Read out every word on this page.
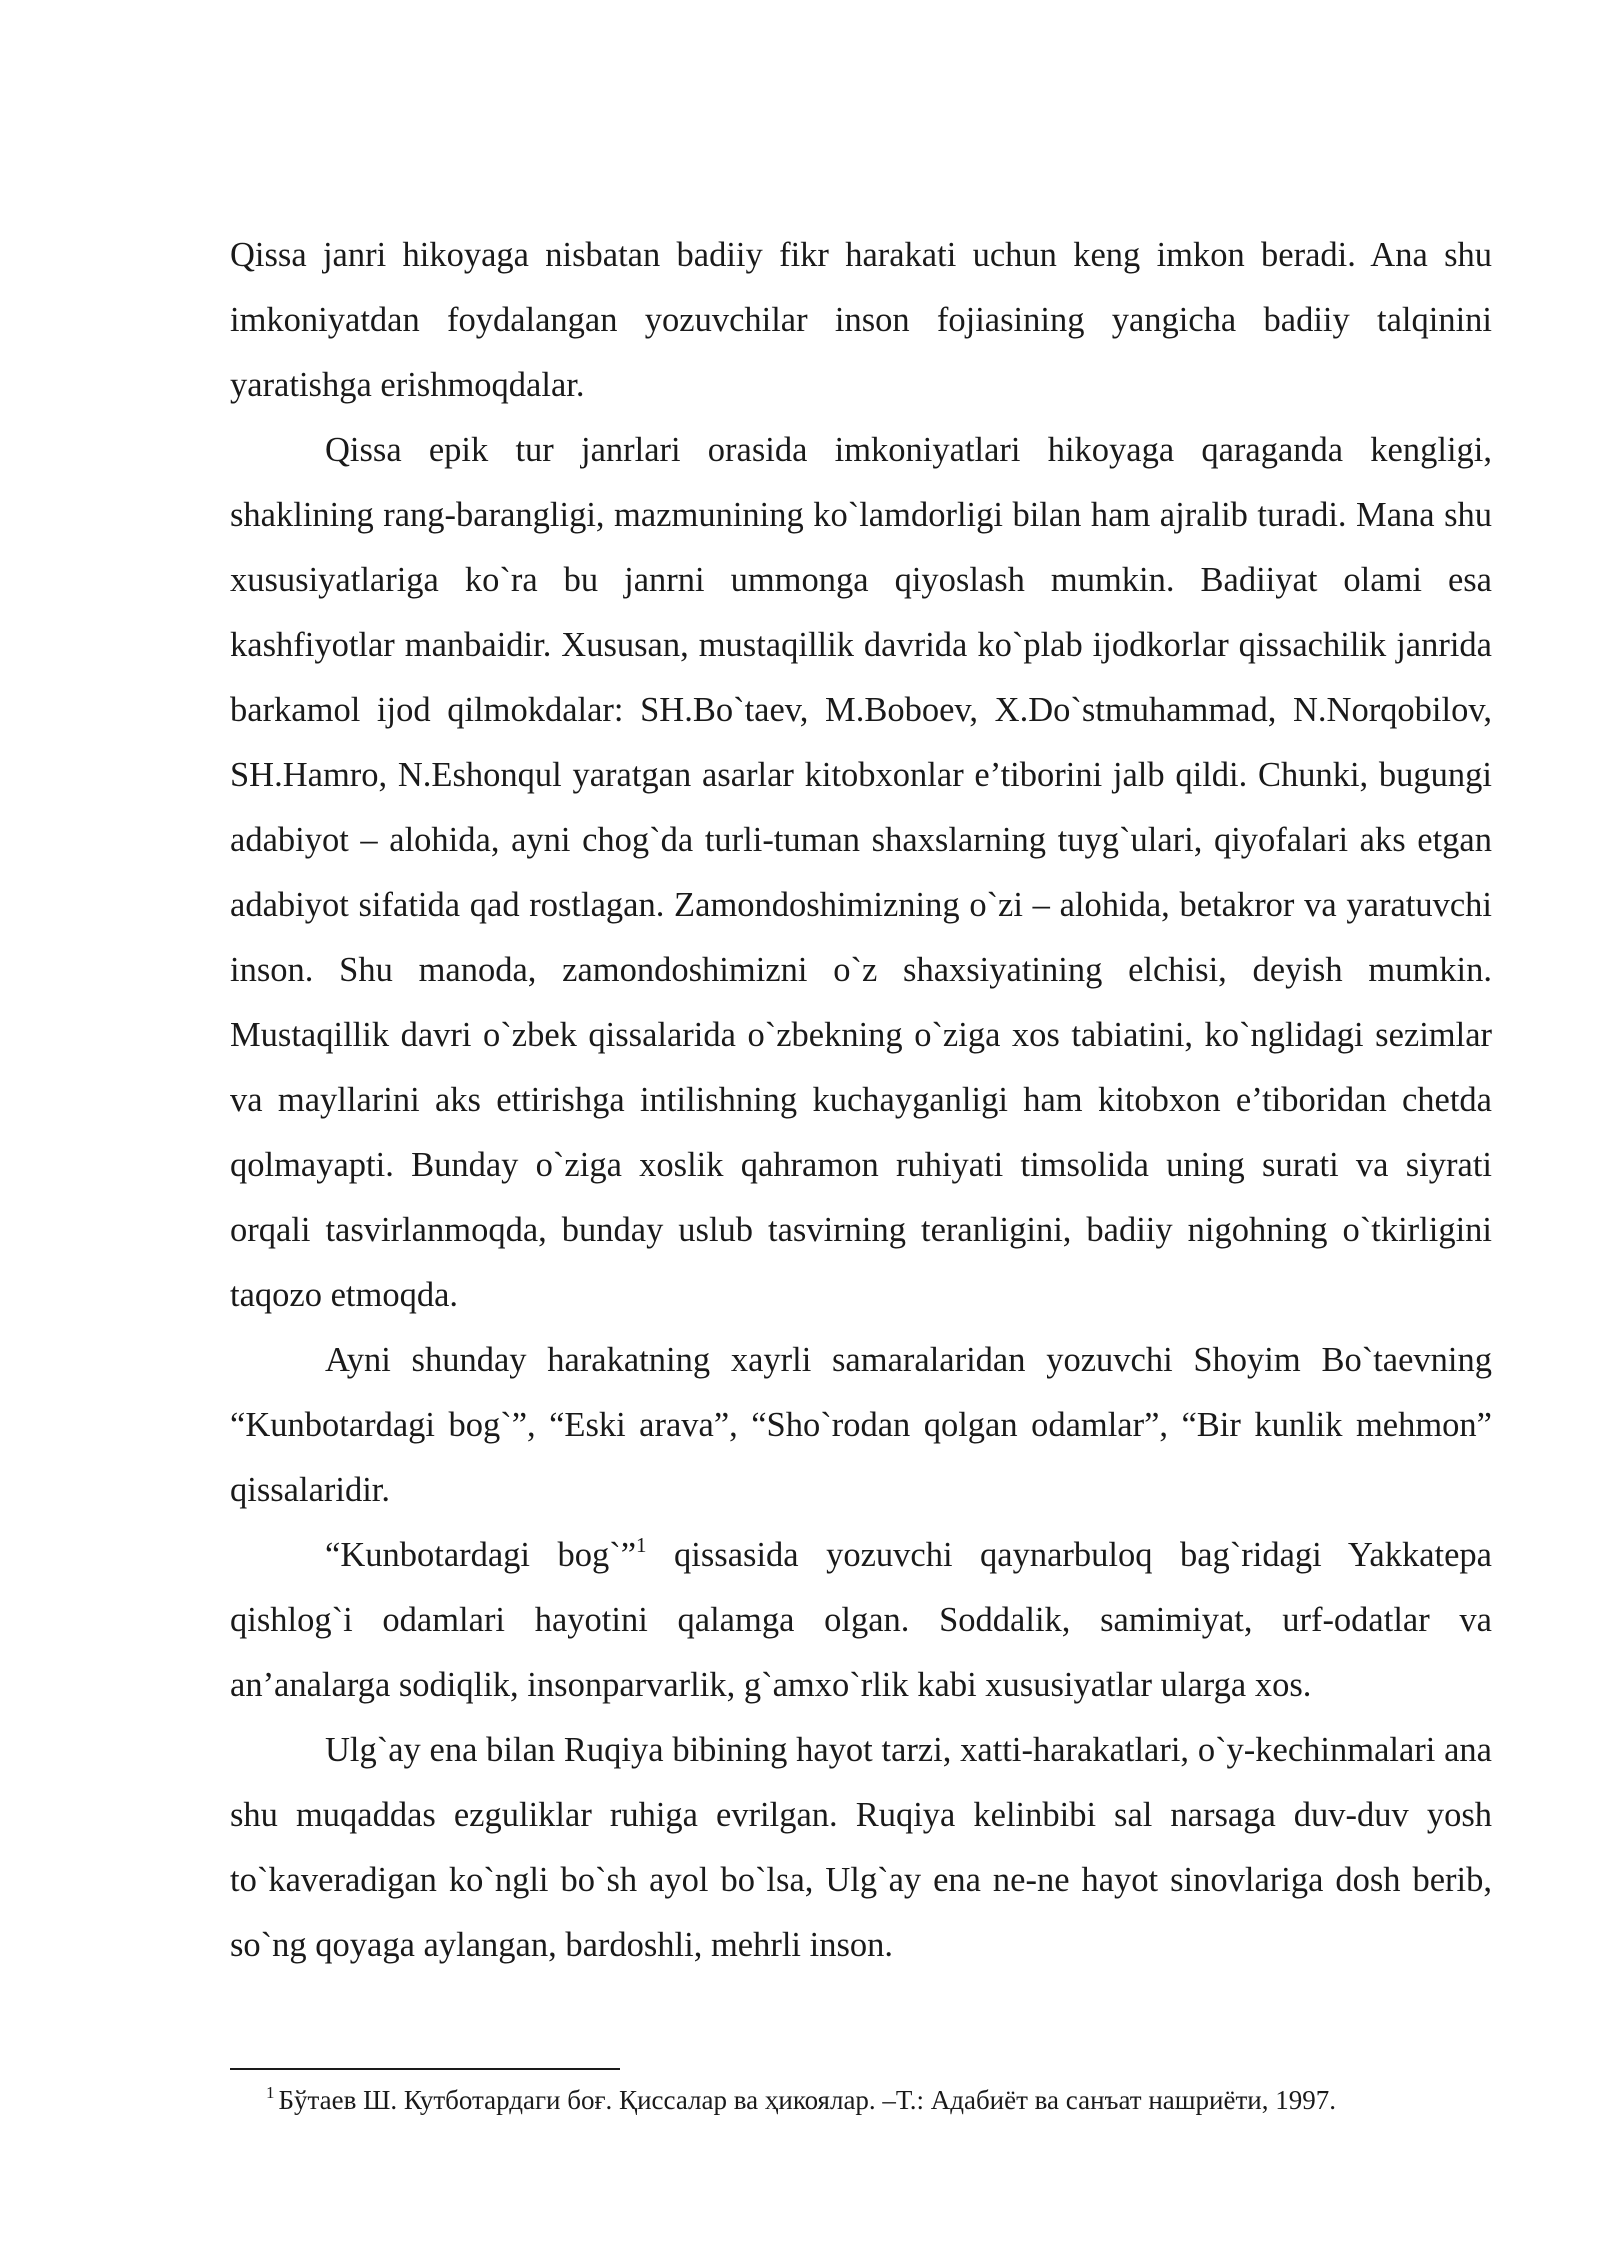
Qissa janri hikoyaga nisbatan badiiy fikr harakati uchun keng imkon beradi. Ana shu imkoniyatdan foydalangan yozuvchilar inson fojiasining yangicha badiiy talqinini yaratishga erishmoqdalar.

Qissa epik tur janrlari orasida imkoniyatlari hikoyaga qaraganda kengligi, shaklining rang-barangligi, mazmunining ko`lamdorligi bilan ham ajralib turadi. Mana shu xususiyatlariga ko`ra bu janrni ummonga qiyoslash mumkin. Badiiyat olami esa kashfiyotlar manbaidir. Xususan, mustaqillik davrida ko`plab ijodkorlar qissachilik janrida barkamol ijod qilmokdalar: SH.Bo`taev, M.Boboev, X.Do`stmuhammad, N.Norqobilov, SH.Hamro, N.Eshonqul yaratgan asarlar kitobxonlar e’tiborini jalb qildi. Chunki, bugungi adabiyot – alohida, ayni chog`da turli-tuman shaxslarning tuyg`ulari, qiyofalari aks etgan adabiyot sifatida qad rostlagan. Zamondoshimizning o`zi – alohida, betakror va yaratuvchi inson. Shu manoda, zamondoshimizni o`z shaxsiyatining elchisi, deyish mumkin. Mustaqillik davri o`zbek qissalarida o`zbekning o`ziga xos tabiatini, ko`nglidagi sezimlar va mayllarini aks ettirishga intilishning kuchayganligi ham kitobxon e’tiboridan chetda qolmayapti. Bunday o`ziga xoslik qahramon ruhiyati timsolida uning surati va siyrati orqali tasvirlanmoqda, bunday uslub tasvirning teranligini, badiiy nigohning o`tkirligini taqozo etmoqda.

Ayni shunday harakatning xayrli samaralaridan yozuvchi Shoyim Bo`taevning “Kunbotardagi bog`”, “Eski arava”, “Sho`rodan qolgan odamlar”, “Bir kunlik mehmon” qissalaridir.

“Kunbotardagi bog`”$^1$ qissasida yozuvchi qaynarbuloq bag`ridagi Yakkatepa qishlog`i odamlari hayotini qalamga olgan. Soddalik, samimiyat, urf-odatlar va an’analarga sodiqlik, insonparvarlik, g`amxo`rlik kabi xususiyatlar ularga xos.

Ulg`ay ena bilan Ruqiya bibining hayot tarzi, xatti-harakatlari, o`y-kechinmalari ana shu muqaddas ezguliklar ruhiga evrilgan. Ruqiya kelinbibi sal narsaga duv-duv yosh to`kaveradigan ko`ngli bo`sh ayol bo`lsa, Ulg`ay ena ne-ne hayot sinovlariga dosh berib, so`ng qoyaga aylangan, bardoshli, mehrli inson.

$^1$ Бўтаев Ш. Кутботардаги боғ. Қиссалар ва ҳикоялар. –Т.: Адабиёт ва санъат нашриёти, 1997.
